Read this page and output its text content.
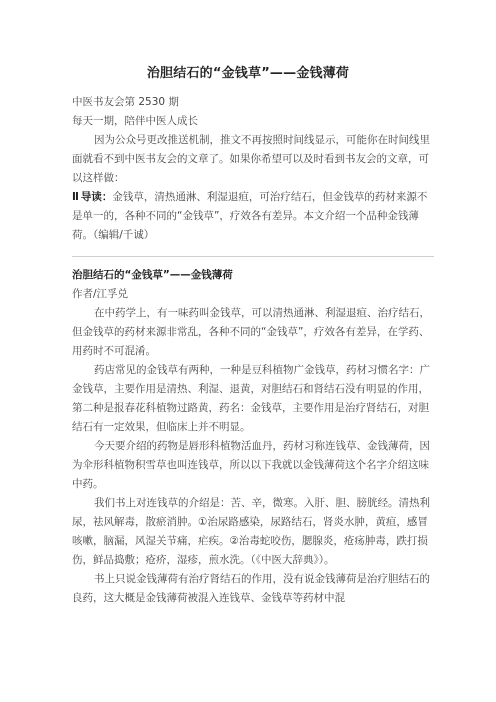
治胆结石的“金钱草”——金钱薄荷

中医书友会第 2530 期

每天一期，陪伴中医人成长

因为公众号更改推送机制，推文不再按照时间线显示，可能你在时间线里面就看不到中医书友会的文章了。如果你希望可以及时看到书友会的文章，可以这样做：

Ⅱ 导读：金钱草，清热通淋、利湿退疸，可治疗结石，但金钱草的药材来源不是单一的，各种不同的“金钱草”，疗效各有差异。本文介绍一个品种金钱薄荷。（编辑/千诚）

治胆结石的“金钱草”——金钱薄荷

作者/江孚兑

在中药学上，有一味药叫金钱草，可以清热通淋、利湿退疸、治疗结石，但金钱草的药材来源非常乱，各种不同的“金钱草”，疗效各有差异，在学药、用药时不可混淆。

药店常见的金钱草有两种，一种是豆科植物广金钱草，药材习惯名字：广金钱草，主要作用是清热、利湿、退黄，对胆结石和肾结石没有明显的作用，第二种是报春花科植物过路黄，药名：金钱草，主要作用是治疗肾结石，对胆结石有一定效果，但临床上并不明显。

今天要介绍的药物是唇形科植物活血丹，药材习称连钱草、金钱薄荷，因为伞形科植物积雪草也叫连钱草，所以以下我就以金钱薄荷这个名字介绍这味中药。

我们书上对连钱草的介绍是：苦、辛，微寒。入肝、胆、膀胱经。清热利尿，祛风解毒，散瘀消肿。①治尿路感染，尿路结石，肾炎水肿，黄疸，感冒咳嗽，脑漏，风湿关节痛，疟疾。②治毒蛇咬伤，腮腺炎，疮疡肿毒，跌打损伤，鲜品捣敷；疮疥，湿疹，煎水洗。（《中医大辞典》）。

书上只说金钱薄荷有治疗肾结石的作用，没有说金钱薄荷是治疗胆结石的良药，这大概是金钱薄荷被混入连钱草、金钱草等药材中混
